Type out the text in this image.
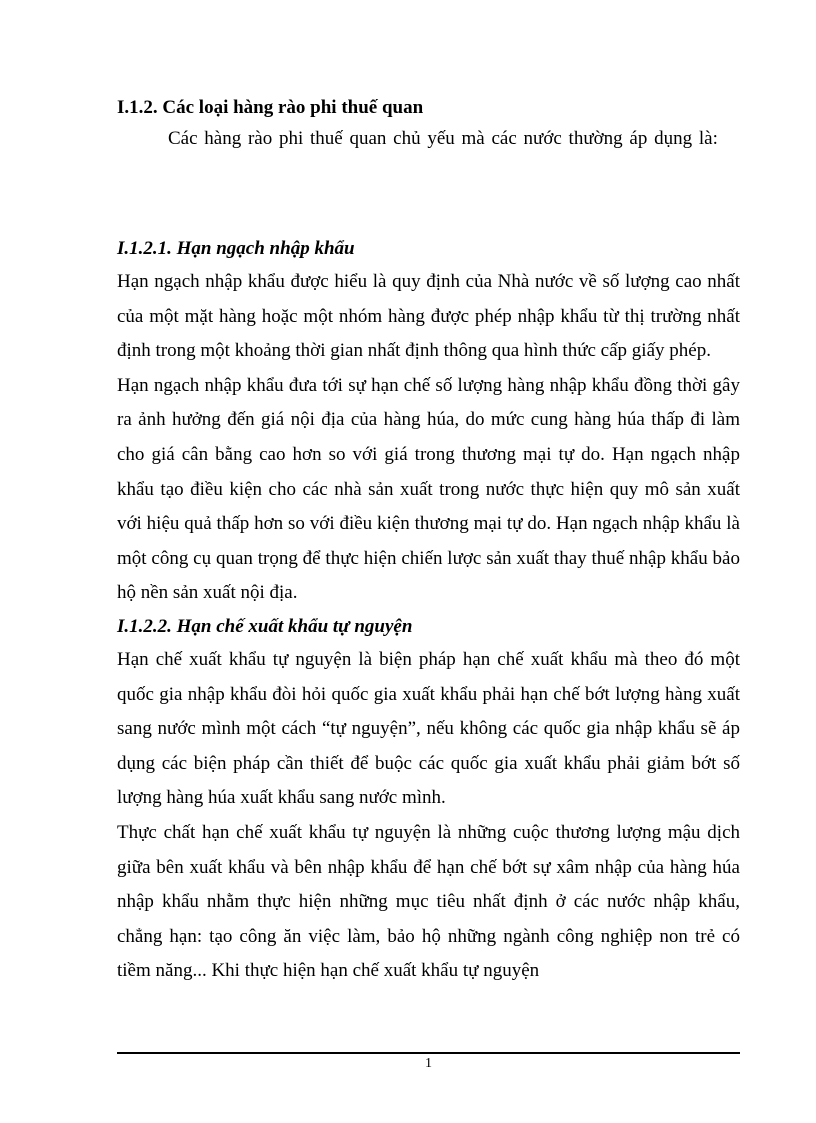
I.1.2. Các loại hàng rào phi thuế quan

Các hàng rào phi thuế quan chủ yếu mà các nước thường áp dụng là:

I.1.2.1. Hạn ngạch nhập khẩu

Hạn ngạch nhập khẩu được hiểu là quy định của Nhà nước về số lượng cao nhất của một mặt hàng hoặc một nhóm hàng được phép nhập khẩu từ thị trường nhất định trong một khoảng thời gian nhất định thông qua hình thức cấp giấy phép.

Hạn ngạch nhập khẩu đưa tới sự hạn chế số lượng hàng nhập khẩu đồng thời gây ra ảnh hưởng đến giá nội địa của hàng húa, do mức cung hàng húa thấp đi làm cho giá cân bằng cao hơn so với giá trong thương mại tự do. Hạn ngạch nhập khẩu tạo điều kiện cho các nhà sản xuất trong nước thực hiện quy mô sản xuất với hiệu quả thấp hơn so với điều kiện thương mại tự do. Hạn ngạch nhập khẩu là một công cụ quan trọng để thực hiện chiến lược sản xuất thay thuế nhập khẩu bảo hộ nền sản xuất nội địa.

I.1.2.2. Hạn chế xuất khẩu tự nguyện

Hạn chế xuất khẩu tự nguyện là biện pháp hạn chế xuất khẩu mà theo đó một quốc gia nhập khẩu đòi hỏi quốc gia xuất khẩu phải hạn chế bớt lượng hàng xuất sang nước mình một cách “tự nguyện”, nếu không các quốc gia nhập khẩu sẽ áp dụng các biện pháp cần thiết để buộc các quốc gia xuất khẩu phải giảm bớt số lượng hàng húa xuất khẩu sang nước mình.

Thực chất hạn chế xuất khẩu tự nguyện là những cuộc thương lượng mậu dịch giữa bên xuất khẩu và bên nhập khẩu để hạn chế bớt sự xâm nhập của hàng húa nhập khẩu nhằm thực hiện những mục tiêu nhất định ở các nước nhập khẩu, chẳng hạn: tạo công ăn việc làm, bảo hộ những ngành công nghiệp non trẻ có tiềm năng... Khi thực hiện hạn chế xuất khẩu tự nguyện

1
